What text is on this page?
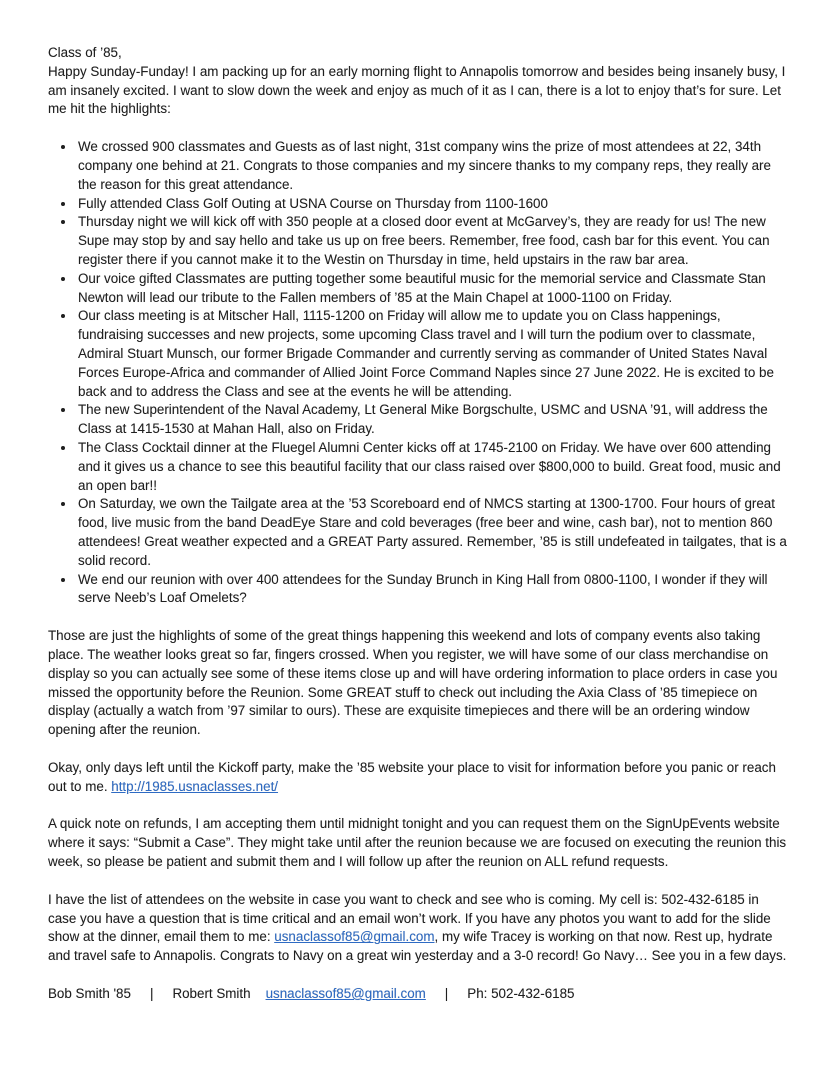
Class of ’85,

Happy Sunday-Funday! I am packing up for an early morning flight to Annapolis tomorrow and besides being insanely busy, I am insanely excited. I want to slow down the week and enjoy as much of it as I can, there is a lot to enjoy that’s for sure. Let me hit the highlights:

• We crossed 900 classmates and Guests as of last night, 31st company wins the prize of most attendees at 22, 34th company one behind at 21. Congrats to those companies and my sincere thanks to my company reps, they really are the reason for this great attendance.
• Fully attended Class Golf Outing at USNA Course on Thursday from 1100-1600
• Thursday night we will kick off with 350 people at a closed door event at McGarvey’s, they are ready for us! The new Supe may stop by and say hello and take us up on free beers. Remember, free food, cash bar for this event. You can register there if you cannot make it to the Westin on Thursday in time, held upstairs in the raw bar area.
• Our voice gifted Classmates are putting together some beautiful music for the memorial service and Classmate Stan Newton will lead our tribute to the Fallen members of ’85 at the Main Chapel at 1000-1100 on Friday.
• Our class meeting is at Mitscher Hall, 1115-1200 on Friday will allow me to update you on Class happenings, fundraising successes and new projects, some upcoming Class travel and I will turn the podium over to classmate, Admiral Stuart Munsch, our former Brigade Commander and currently serving as commander of United States Naval Forces Europe-Africa and commander of Allied Joint Force Command Naples since 27 June 2022. He is excited to be back and to address the Class and see at the events he will be attending.
• The new Superintendent of the Naval Academy, Lt General Mike Borgschulte, USMC and USNA ’91, will address the Class at 1415-1530 at Mahan Hall, also on Friday.
• The Class Cocktail dinner at the Fluegel Alumni Center kicks off at 1745-2100 on Friday. We have over 600 attending and it gives us a chance to see this beautiful facility that our class raised over $800,000 to build. Great food, music and an open bar!!
• On Saturday, we own the Tailgate area at the ’53 Scoreboard end of NMCS starting at 1300-1700. Four hours of great food, live music from the band DeadEye Stare and cold beverages (free beer and wine, cash bar), not to mention 860 attendees! Great weather expected and a GREAT Party assured. Remember, ’85 is still undefeated in tailgates, that is a solid record.
• We end our reunion with over 400 attendees for the Sunday Brunch in King Hall from 0800-1100, I wonder if they will serve Neeb’s Loaf Omelets?

Those are just the highlights of some of the great things happening this weekend and lots of company events also taking place. The weather looks great so far, fingers crossed. When you register, we will have some of our class merchandise on display so you can actually see some of these items close up and will have ordering information to place orders in case you missed the opportunity before the Reunion. Some GREAT stuff to check out including the Axia Class of ’85 timepiece on display (actually a watch from ’97 similar to ours). These are exquisite timepieces and there will be an ordering window opening after the reunion.

Okay, only days left until the Kickoff party, make the ’85 website your place to visit for information before you panic or reach out to me. http://1985.usnaclasses.net/

A quick note on refunds, I am accepting them until midnight tonight and you can request them on the SignUpEvents website where it says: “Submit a Case”. They might take until after the reunion because we are focused on executing the reunion this week, so please be patient and submit them and I will follow up after the reunion on ALL refund requests.

I have the list of attendees on the website in case you want to check and see who is coming. My cell is: 502-432-6185 in case you have a question that is time critical and an email won’t work. If you have any photos you want to add for the slide show at the dinner, email them to me: usnaclassof85@gmail.com, my wife Tracey is working on that now. Rest up, hydrate and travel safe to Annapolis. Congrats to Navy on a great win yesterday and a 3-0 record! Go Navy… See you in a few days.

Bob Smith '85 | Robert Smith usnaclassof85@gmail.com | Ph: 502-432-6185
